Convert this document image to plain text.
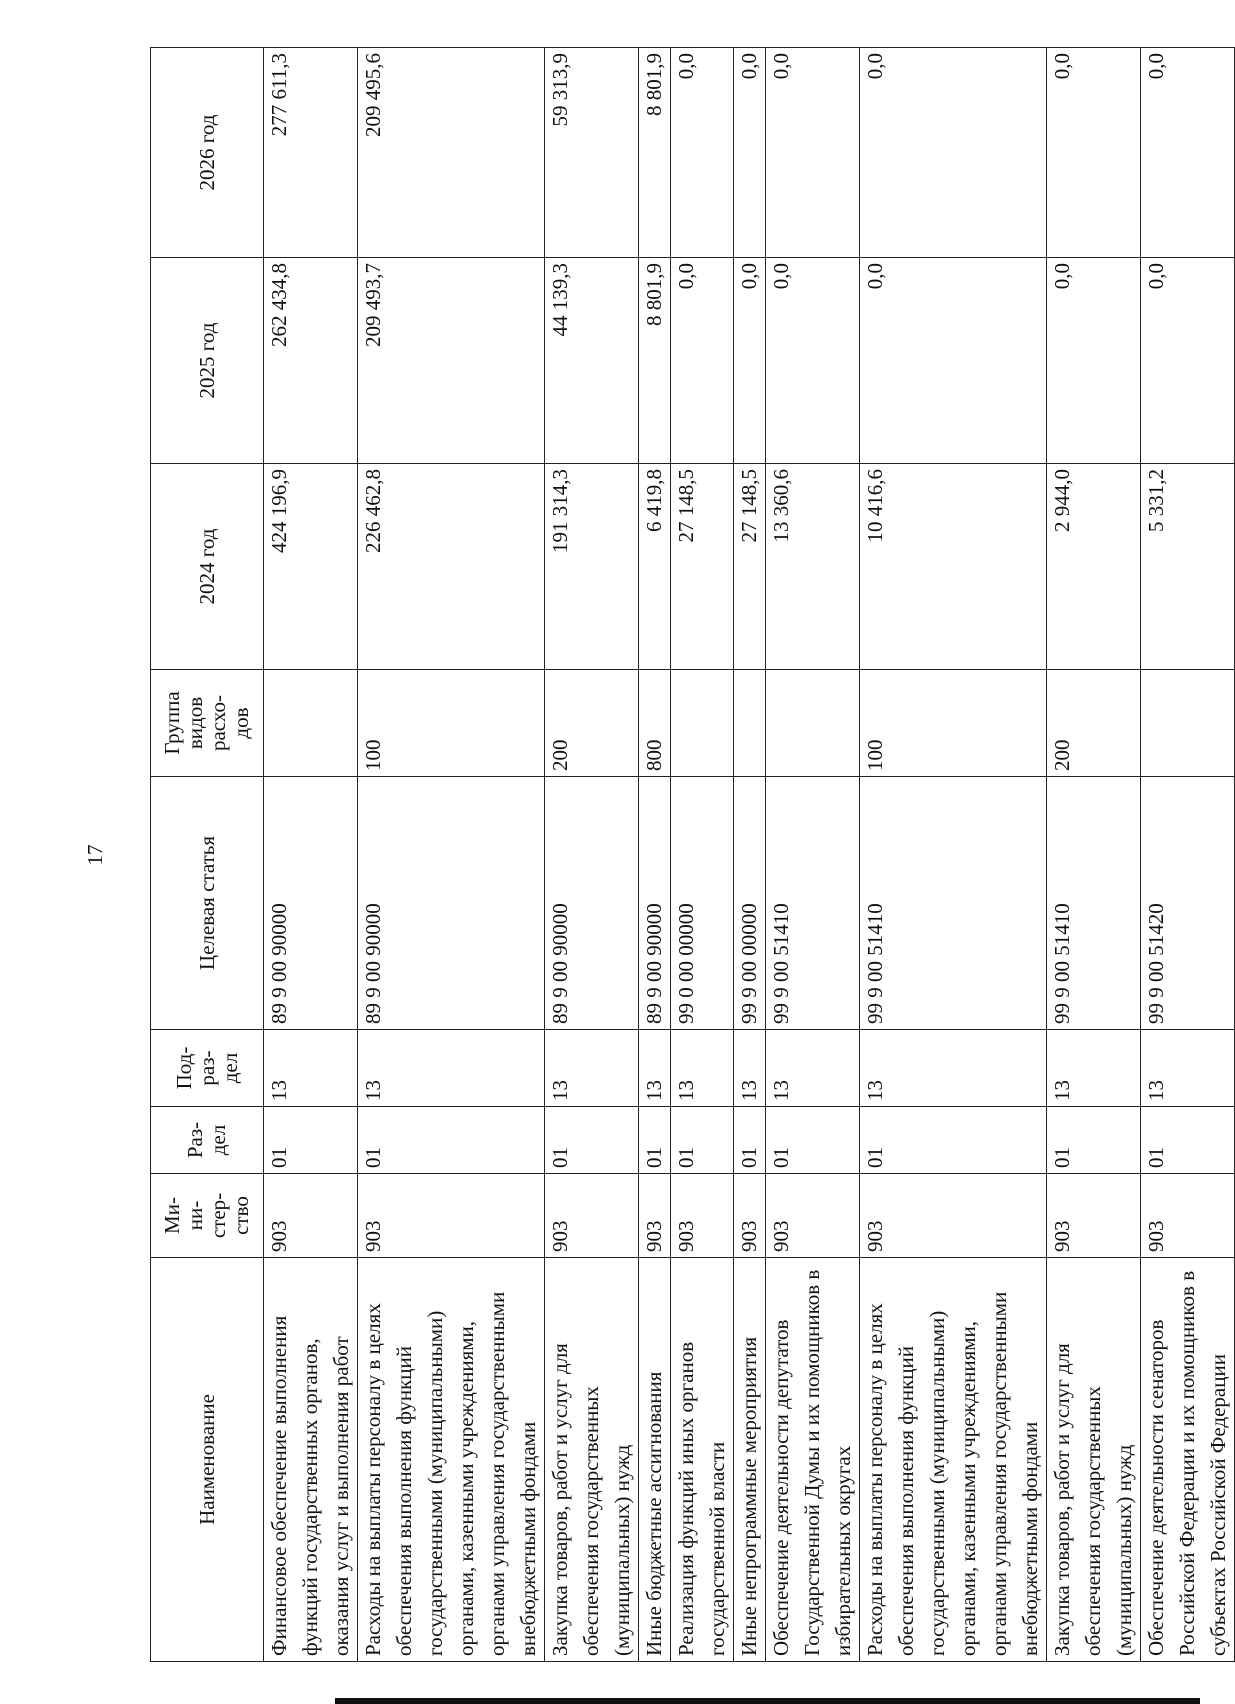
17
Наименование	Ми-
ни-
стер-
ство	Раз-
дел	Под-
раз-
дел	Целевая статья	Группа
видов
расхо-
дов	2024 год	2025 год	2026 год
Финансовое обеспечение выполнения функций государственных органов, оказания услуг и выполнения работ	903	01	13	89 9 00 90000		424 196,9	262 434,8	277 611,3
Расходы на выплаты персоналу в целях обеспечения выполнения функций государственными (муниципальными) органами, казенными учреждениями, органами управления государственными внебюджетными фондами	903	01	13	89 9 00 90000	100	226 462,8	209 493,7	209 495,6
Закупка товаров, работ и услуг для обеспечения государственных (муниципальных) нужд	903	01	13	89 9 00 90000	200	191 314,3	44 139,3	59 313,9
Иные бюджетные ассигнования	903	01	13	89 9 00 90000	800	6 419,8	8 801,9	8 801,9
Реализация функций иных органов государственной власти	903	01	13	99 0 00 00000		27 148,5	0,0	0,0
Иные непрограммные мероприятия	903	01	13	99 9 00 00000		27 148,5	0,0	0,0
Обеспечение деятельности депутатов Государственной Думы и их помощников в избирательных округах	903	01	13	99 9 00 51410		13 360,6	0,0	0,0
Расходы на выплаты персоналу в целях обеспечения выполнения функций государственными (муниципальными) органами, казенными учреждениями, органами управления государственными внебюджетными фондами	903	01	13	99 9 00 51410	100	10 416,6	0,0	0,0
Закупка товаров, работ и услуг для обеспечения государственных (муниципальных) нужд	903	01	13	99 9 00 51410	200	2 944,0	0,0	0,0
Обеспечение деятельности сенаторов Российской Федерации и их помощников в субъектах Российской Федерации	903	01	13	99 9 00 51420		5 331,2	0,0	0,0
